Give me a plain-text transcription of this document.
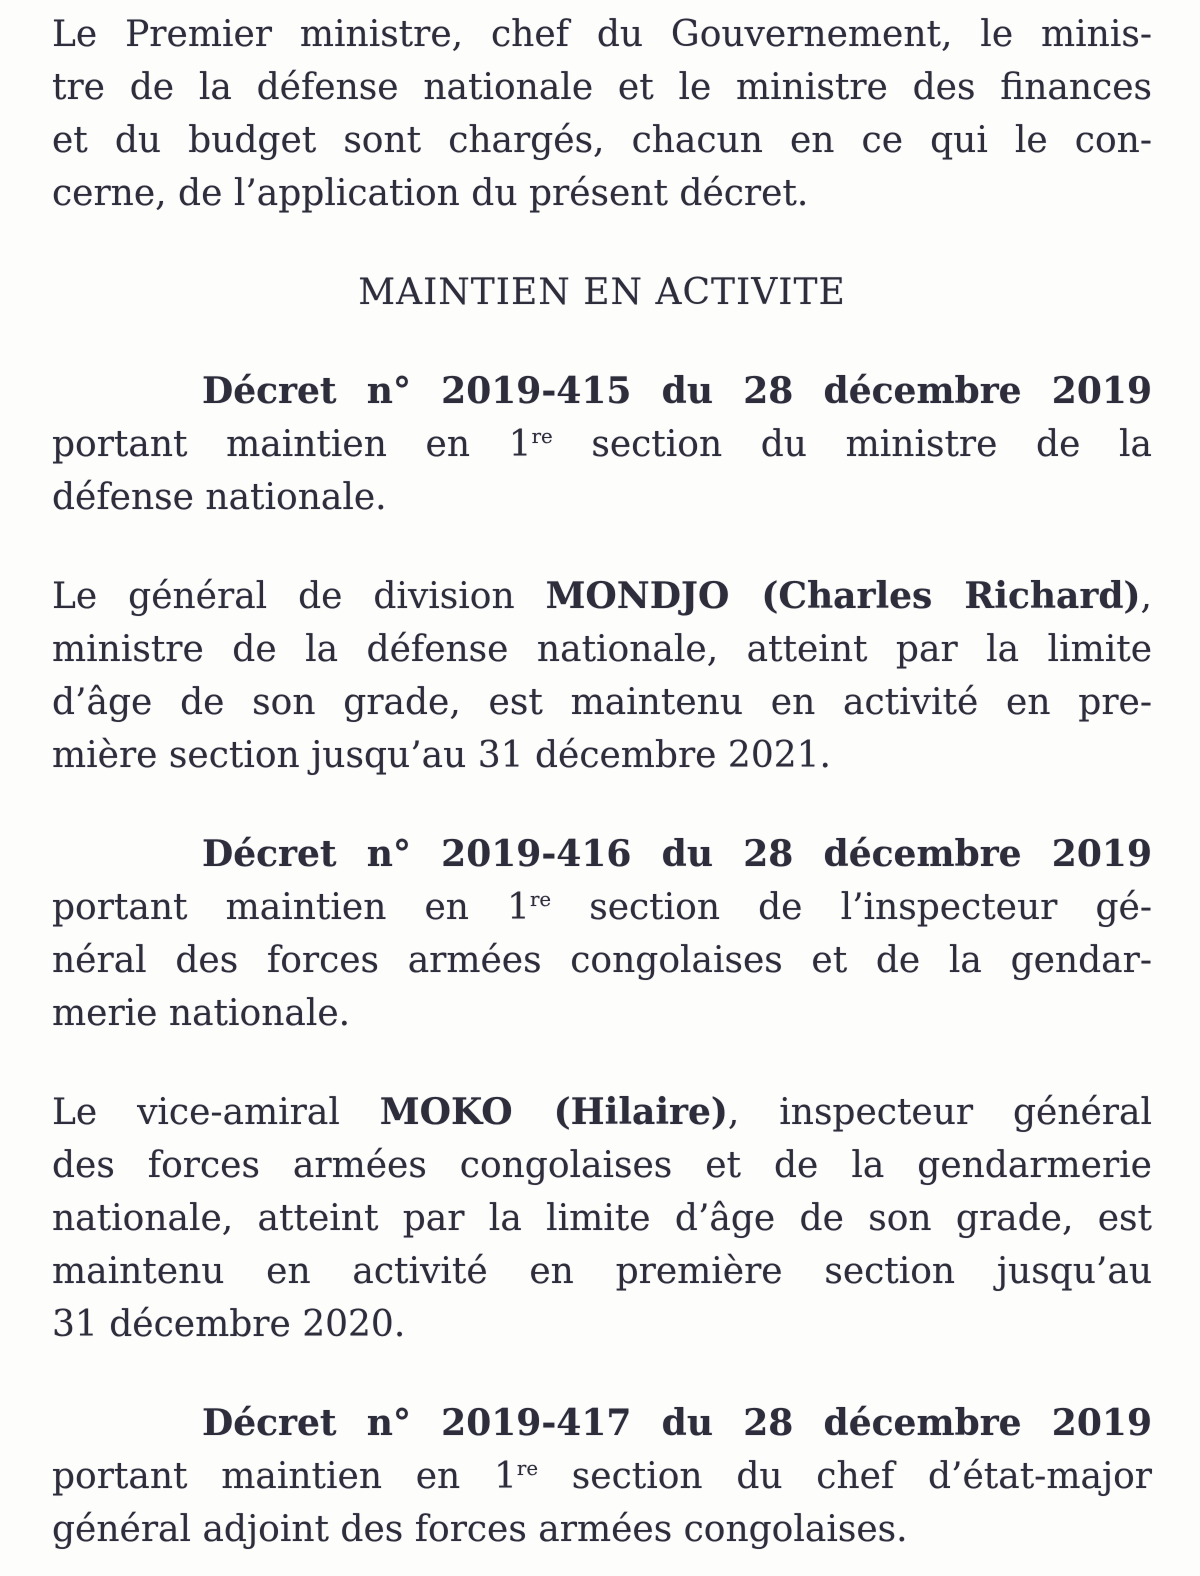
Le Premier ministre, chef du Gouvernement, le minis-
tre de la défense nationale et le ministre des finances
et du budget sont chargés, chacun en ce qui le con-
cerne, de l’application du présent décret.
MAINTIEN EN ACTIVITE
Décret n° 2019-415 du 28 décembre 2019
portant maintien en 1re section du ministre de la
défense nationale.
Le général de division MONDJO (Charles Richard),
ministre de la défense nationale, atteint par la limite
d’âge de son grade, est maintenu en activité en pre-
mière section jusqu’au 31 décembre 2021.
Décret n° 2019-416 du 28 décembre 2019
portant maintien en 1re section de l’inspecteur gé-
néral des forces armées congolaises et de la gendar-
merie nationale.
Le vice-amiral MOKO (Hilaire), inspecteur général
des forces armées congolaises et de la gendarmerie
nationale, atteint par la limite d’âge de son grade, est
maintenu en activité en première section jusqu’au
31 décembre 2020.
Décret n° 2019-417 du 28 décembre 2019
portant maintien en 1re section du chef d’état-major
général adjoint des forces armées congolaises.
